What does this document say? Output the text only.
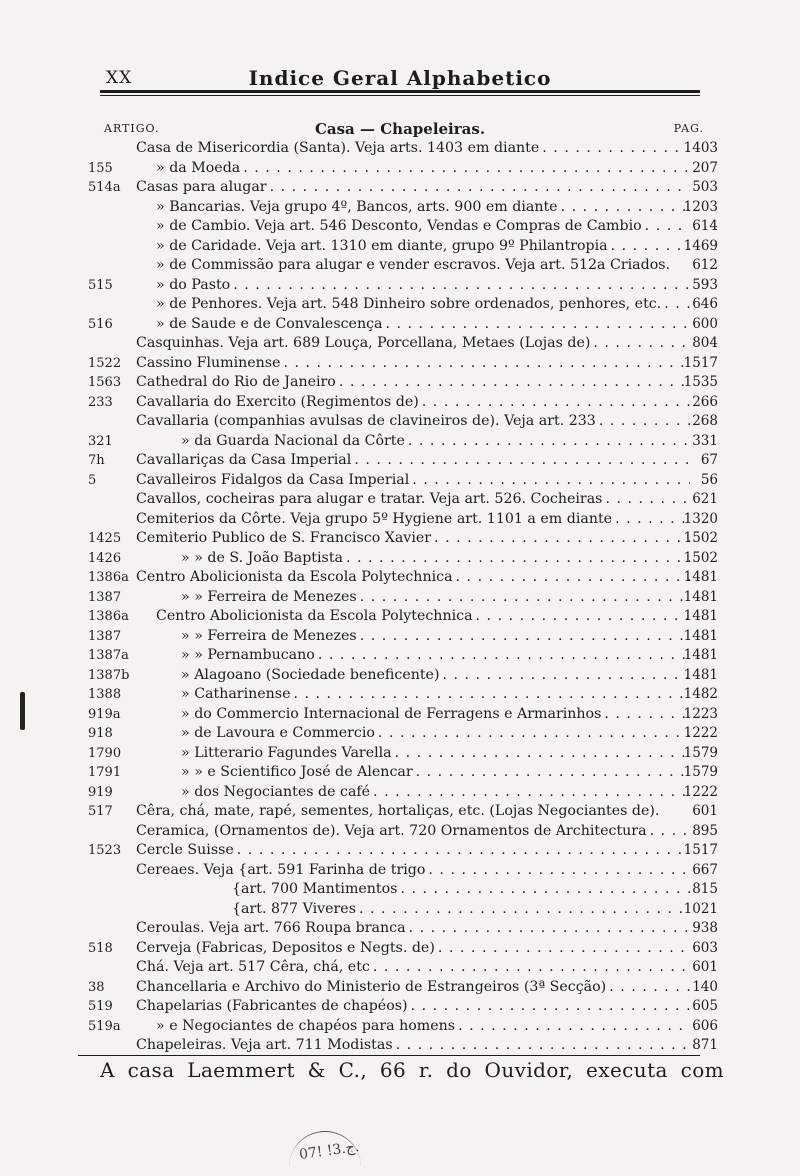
XX	Indice Geral Alphabetico
ARTIGO.	Casa — Chapeleiras.	PAG.
Casa de Misericordia (Santa). Veja arts. 1403 em diante . . .	1403
155	» da Moeda . . .	207
514a	Casas para alugar . . .	503
» Bancarias. Veja grupo 4º, Bancos, arts. 900 em diante . . .	1203
» de Cambio. Veja art. 546 Desconto, Vendas e Compras de Cambio . . .	614
» de Caridade. Veja art. 1310 em diante, grupo 9º Philantropia . . .	1469
» de Commissão para alugar e vender escravos. Veja art. 512a Criados.	612
515	» do Pasto . . .	593
» de Penhores. Veja art. 548 Dinheiro sobre ordenados, penhores, etc. . . .	646
516	» de Saude e de Convalescença . . .	600
Casquinhas. Veja art. 689 Louça, Porcellana, Metaes (Lojas de) . . .	804
1522	Cassino Fluminense . . .	1517
1563	Cathedral do Rio de Janeiro . . .	1535
233	Cavallaria do Exercito (Regimentos de) . . .	266
Cavallaria (companhias avulsas de clavineiros de). Veja art. 233 . . .	268
321	» da Guarda Nacional da Côrte . . .	331
7h	Cavallariças da Casa Imperial . . .	67
5	Cavalleiros Fidalgos da Casa Imperial . . .	56
Cavallos, cocheiras para alugar e tratar. Veja art. 526. Cocheiras . . .	621
Cemiterios da Côrte. Veja grupo 5º Hygiene art. 1101 a em diante . . .	1320
1425	Cemiterio Publico de S. Francisco Xavier . . .	1502
1426	» » de S. João Baptista . . .	1502
1386a Centro Abolicionista da Escola Polytechnica . . .	1481
1387	» » Ferreira de Menezes . . .	1481
1386a Centro Abolicionista da Escola Polytechnica . . .	1481
1387	» » Ferreira de Menezes . . .	1481
1387a	» » Pernambucano . . .	1481
1387b	» Alagoano (Sociedade beneficente) . . .	1481
1388	» Catharinense . . .	1482
919a	» do Commercio Internacional de Ferragens e Armarinhos . . .	1223
918	» de Lavoura e Commercio . . .	1222
1790	» Litterario Fagundes Varella . . .	1579
1791	» » e Scientifico José de Alencar . . .	1579
919	» dos Negociantes de café . . .	1222
517	Cêra, chá, mate, rapé, sementes, hortaliças, etc. (Lojas Negociantes de).	601
Ceramica, (Ornamentos de). Veja art. 720 Ornamentos de Architectura . . .	895
1523	Cercle Suisse . . .	1517
Cereaes. Veja {art. 591 Farinha de trigo . . .	667
{art. 700 Mantimentos . . .	815
{art. 877 Viveres . . .	1021
Ceroulas. Veja art. 766 Roupa branca . . .	938
518	Cerveja (Fabricas, Depositos e Negts. de) . . .	603
Chá. Veja art. 517 Cêra, chá, etc . . .	601
38	Chancellaria e Archivo do Ministerio de Estrangeiros (3ª Secção) . . .	140
519	Chapelarias (Fabricantes de chapéos) . . .	605
519a	» e Negociantes de chapéos para homens . . .	606
Chapeleiras. Veja art. 711 Modistas . . .	871
A casa Laemmert & C., 66 r. do Ouvidor, executa com
ج.3! !07.
